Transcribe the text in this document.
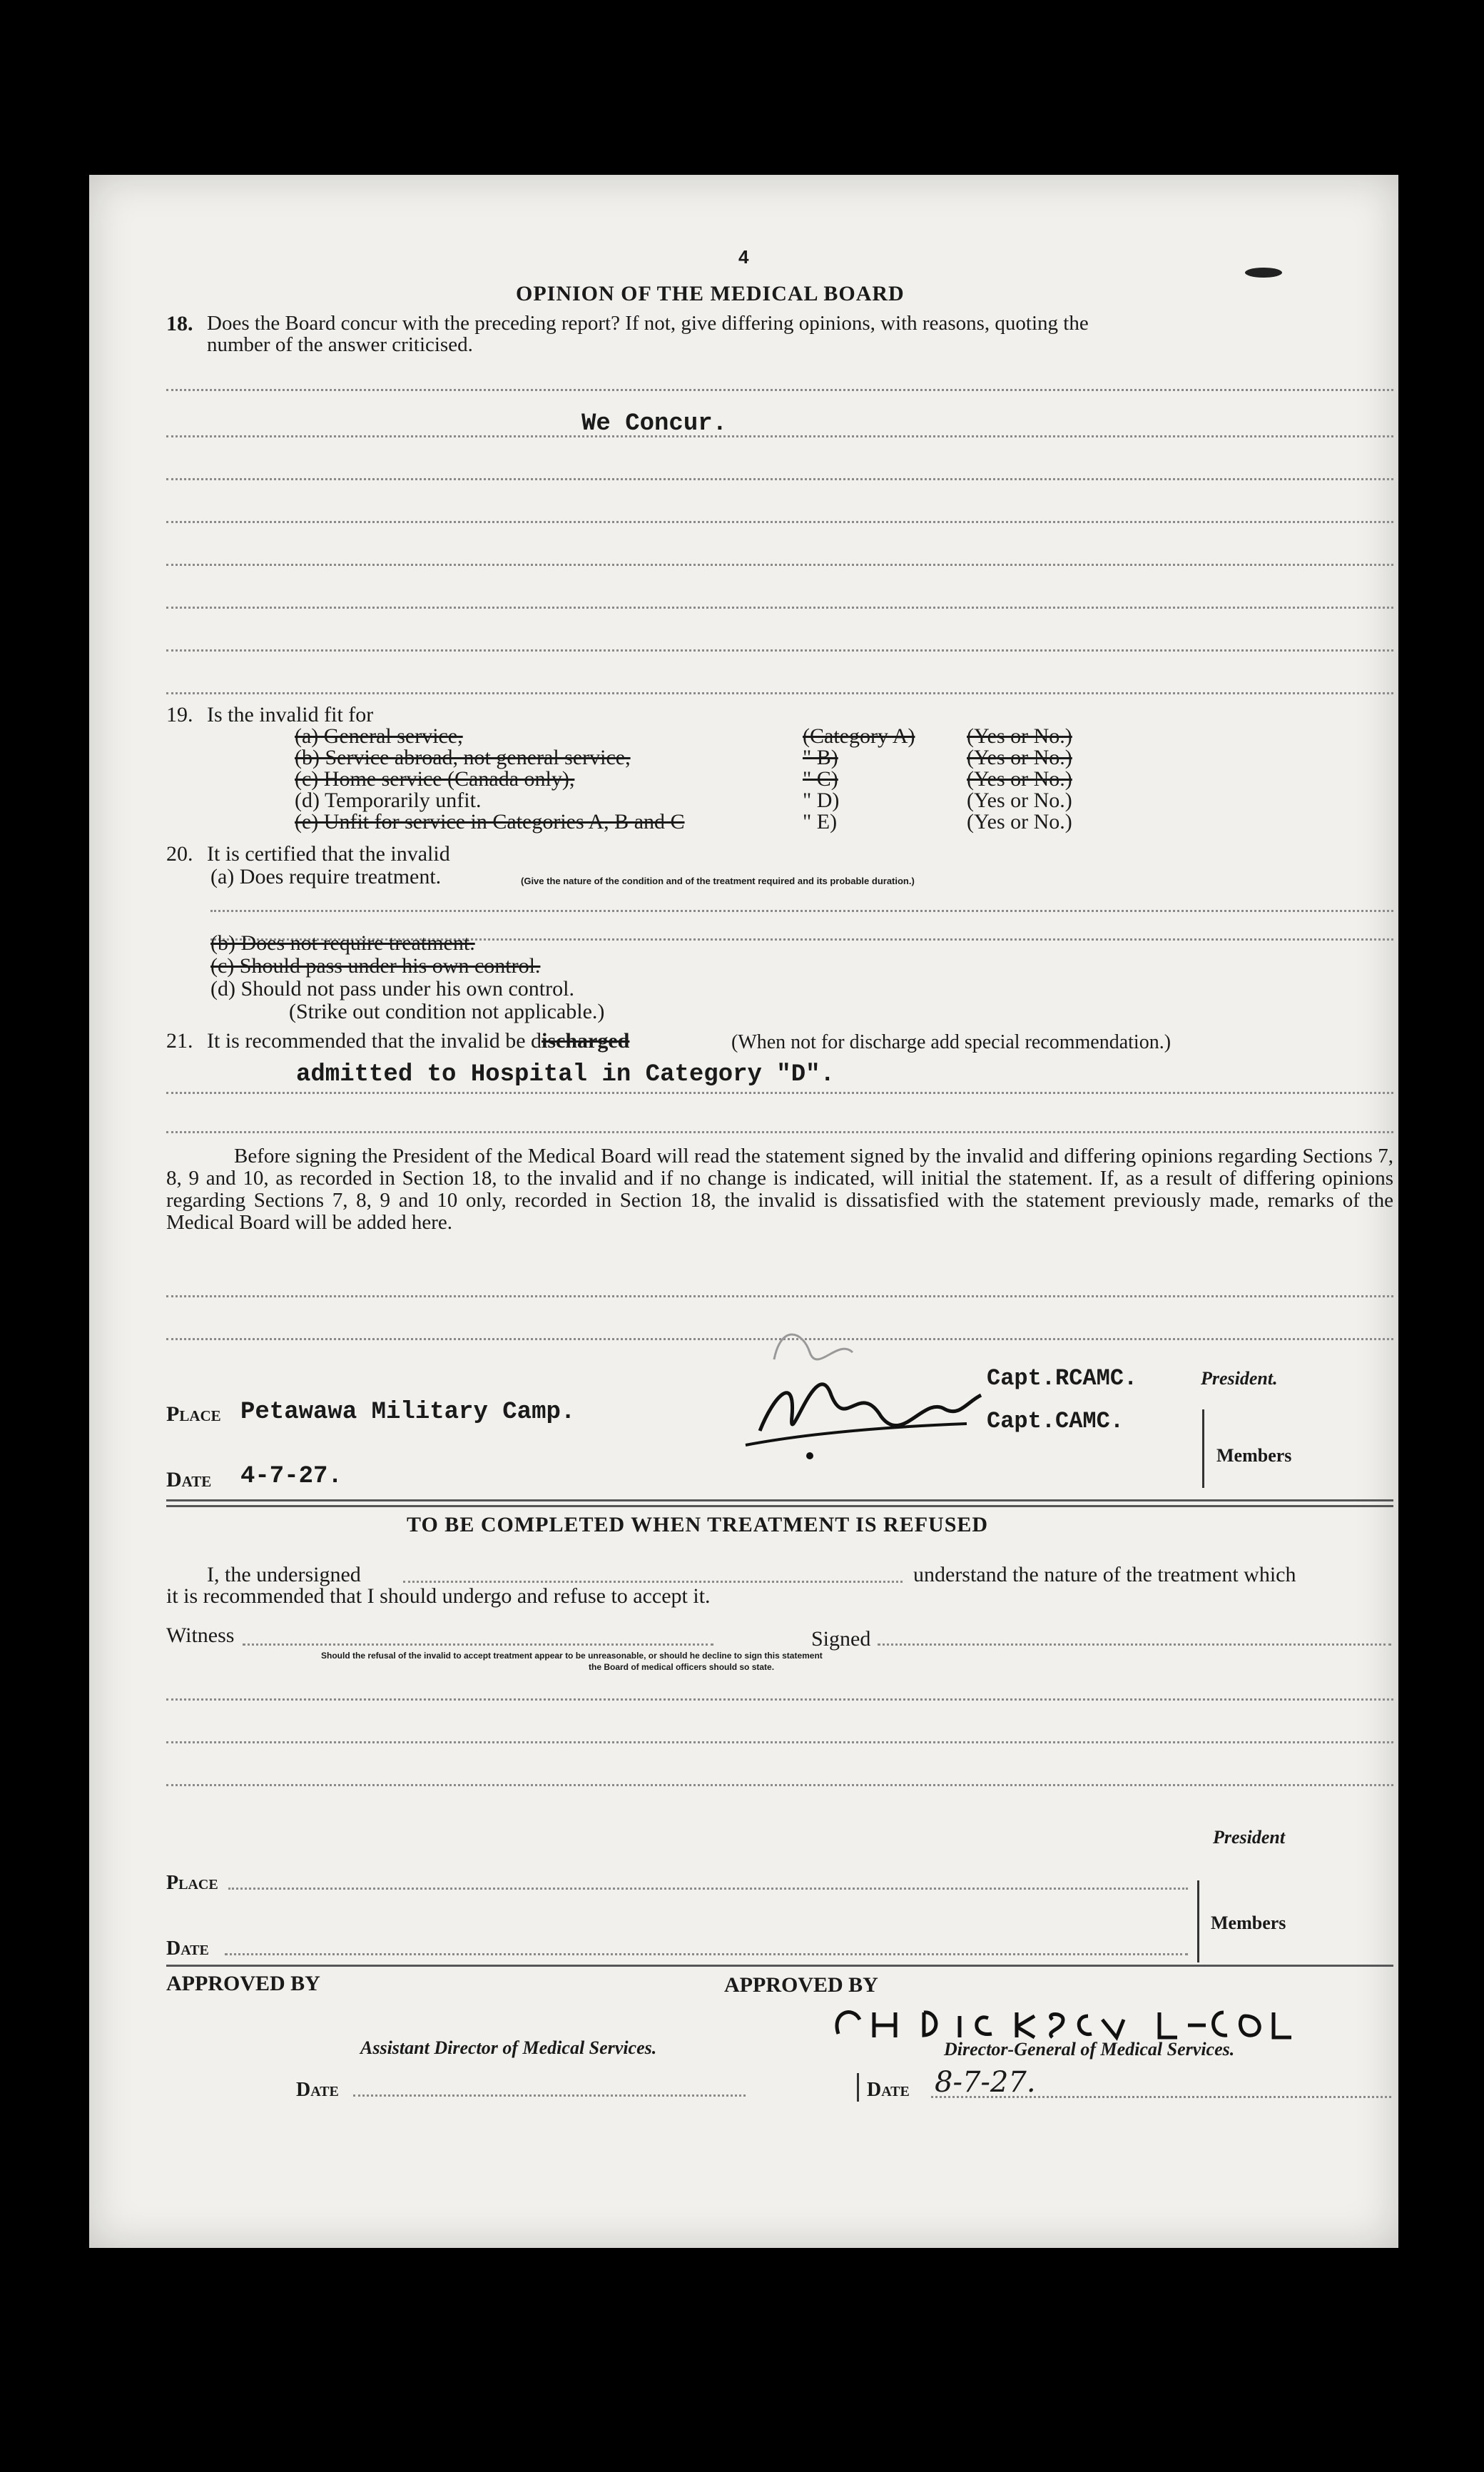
4
OPINION OF THE MEDICAL BOARD
18. Does the Board concur with the preceding report? If not, give differing opinions, with reasons, quoting the
number of the answer criticised.
We Concur.
19. Is the invalid fit for
(a) General service,	(Category A) (Yes or No.)
(b) Service abroad, not general service,	" B)	(Yes or No.)
(c) Home service (Canada only),	" C)	(Yes or No.)
(d) Temporarily unfit.	" D)	(Yes or No.)
(e) Unfit for service in Categories A, B and C	" E)	(Yes or No.)
20. It is certified that the invalid
(a) Does require treatment.	(Give the nature of the condition and of the treatment required and its probable duration.)
(b) Does not require treatment.
(c) Should pass under his own control.
(d) Should not pass under his own control.
(Strike out condition not applicable.)
21. It is recommended that the invalid be discharged	(When not for discharge add special recommendation.)
admitted to Hospital in Category "D".
Before signing the President of the Medical Board will read the statement signed by the invalid and differing opinions regarding Sections 7, 8, 9 and 10, as recorded in Section 18, to the invalid and if no change is indicated, will initial the statement. If, as a result of differing opinions regarding Sections 7, 8, 9 and 10 only, recorded in Section 18, the invalid is dissatisfied with the statement previously made, remarks of the Medical Board will be added here.
Capt.RCAMC.
Capt.CAMC.
President.
Members
Place Petawawa Military Camp.
Date 4-7-27.
TO BE COMPLETED WHEN TREATMENT IS REFUSED
I, the undersigned	understand the nature of the treatment which
it is recommended that I should undergo and refuse to accept it.
Witness	Signed
Should the refusal of the invalid to accept treatment appear to be unreasonable, or should he decline to sign this statement
the Board of medical officers should so state.
President
Members
Place
Date
APPROVED BY	APPROVED BY
Assistant Director of Medical Services.	Director-General of Medical Services.
Date	Date 8-7-27.
